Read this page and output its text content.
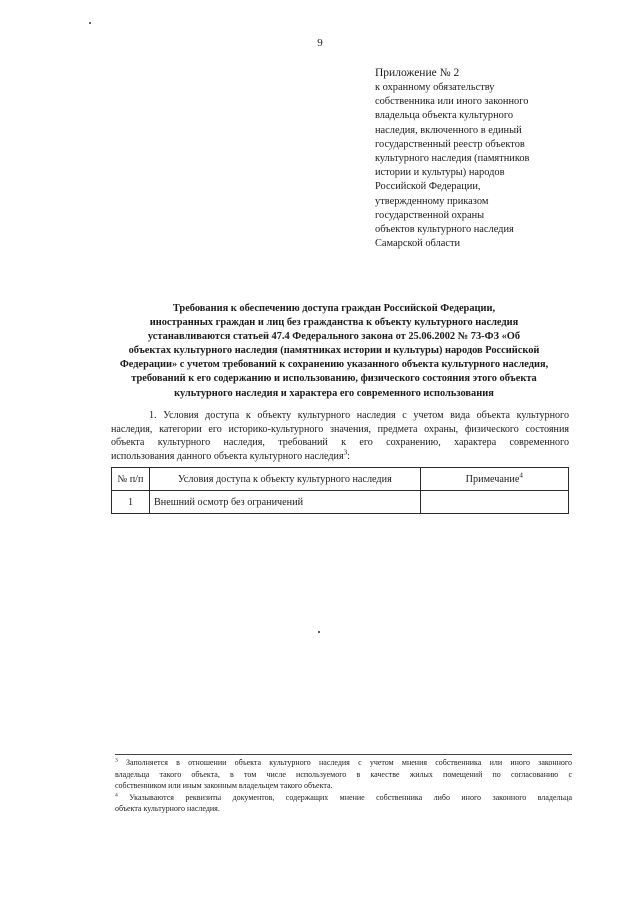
9
Приложение № 2
к охранному обязательству
собственника или иного законного
владельца объекта культурного
наследия, включенного в единый
государственный реестр объектов
культурного наследия (памятников
истории и культуры) народов
Российской Федерации,
утвержденному приказом
государственной охраны
объектов культурного наследия
Самарской области
Требования к обеспечению доступа граждан Российской Федерации,
иностранных граждан и лиц без гражданства к объекту культурного наследия
устанавливаются статьей 47.4 Федерального закона от 25.06.2002 № 73-ФЗ «Об
объектах культурного наследия (памятниках истории и культуры) народов Российской
Федерации» с учетом требований к сохранению указанного объекта культурного наследия,
требований к его содержанию и использованию, физического состояния этого объекта
культурного наследия и характера его современного использования
1. Условия доступа к объекту культурного наследия с учетом вида объекта культурного
наследия, категории его историко-культурного значения, предмета охраны, физического состояния
объекта культурного наследия, требований к его сохранению, характера современного
использования данного объекта культурного наследия$^3$:
№ п/п	Условия доступа к объекту культурного наследия	Примечание$^4$
1	Внешний осмотр без ограничений	
$^3$ Заполняется в отношении объекта культурного наследия с учетом мнения собственника или иного законного
владельца такого объекта, в том числе используемого в качестве жилых помещений по согласованию с
собственником или иным законным владельцем такого объекта.
$^4$ Указываются реквизиты документов, содержащих мнение собственника либо иного законного владельца
объекта культурного наследия.
